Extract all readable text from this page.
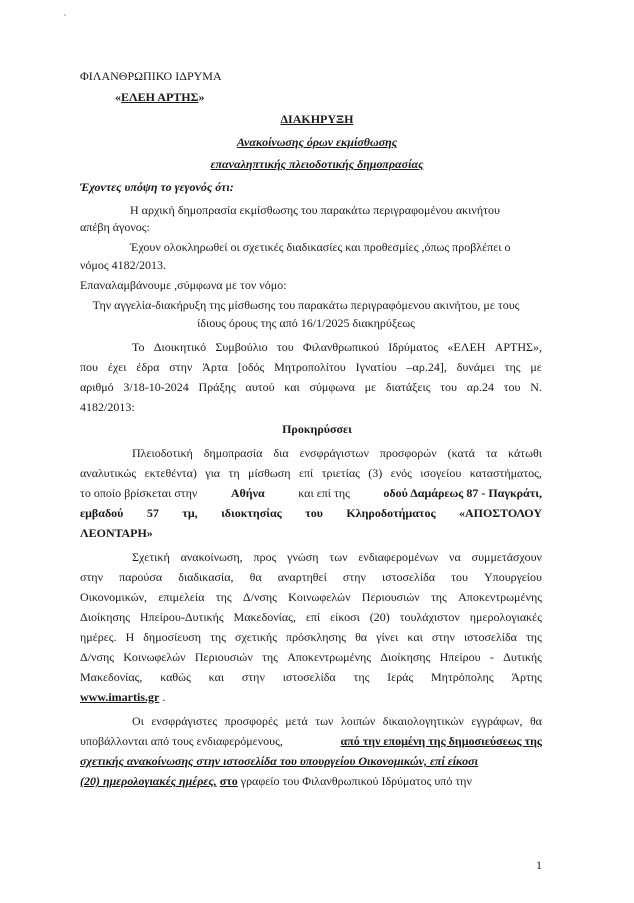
ΦΙΛΑΝΘΡΩΠΙΚΟ ΙΔΡΥΜΑ
«ΕΛΕΗ ΑΡΤΗΣ»
ΔΙΑΚΗΡΥΞΗ
Ανακοίνωσης όρων εκμίσθωσης
επαναληπτικής πλειοδοτικής δημοπρασίας
Έχοντες υπόψη το γεγονός ότι:
Η αρχική δημοπρασία εκμίσθωσης του παρακάτω περιγραφομένου ακινήτου
απέβη άγονος:
Έχουν ολοκληρωθεί οι σχετικές διαδικασίες και προθεσμίες ,όπως προβλέπει ο
νόμος 4182/2013.
Επαναλαμβάνουμε ,σύμφωνα με τον νόμο:
Την αγγελία-διακήρυξη της μίσθωσης του παρακάτω περιγραφόμενου ακινήτου, με τους
ίδιους όρους της από 16/1/2025 διακηρύξεως
Το Διοικητικό Συμβούλιο του Φιλανθρωπικού Ιδρύματος «ΕΛΕΗ ΑΡΤΗΣ»,
που έχει έδρα στην Άρτα [οδός Μητροπολίτου Ιγνατίου –αρ.24], δυνάμει της με
αριθμό 3/18-10-2024 Πράξης αυτού και σύμφωνα με διατάξεις του αρ.24 του Ν.
4182/2013:
Προκηρύσσει
Πλειοδοτική δημοπρασία δια ενσφράγιστων προσφορών (κατά τα κάτωθι
αναλυτικώς εκτεθέντα) για τη μίσθωση επί τριετίας (3) ενός ισογείου καταστήματος,
το οποίο βρίσκεται στην	Αθήνα	και επί της	οδού Δαμάρεως 87 - Παγκράτι,
εμβαδού 57 τμ, ιδιοκτησίας του Κληροδοτήματος «ΑΠΟΣΤΟΛΟΥ
ΛΕΟΝΤΑΡΗ»
Σχετική ανακοίνωση, προς γνώση των ενδιαφερομένων να συμμετάσχουν
στην παρούσα διαδικασία, θα αναρτηθεί στην ιστοσελίδα του Υπουργείου
Οικονομικών, επιμελεία της Δ/νσης Κοινωφελών Περιουσιών της Αποκεντρωμένης
Διοίκησης Ηπείρου-Δυτικής Μακεδονίας, επί είκοσι (20) τουλάχιστον ημερολογιακές
ημέρες. Η δημοσίευση της σχετικής πρόσκλησης θα γίνει και στην ιστοσελίδα της
Δ/νσης Κοινωφελών Περιουσιών της Αποκεντρωμένης Διοίκησης Ηπείρου - Δυτικής
Μακεδονίας, καθώς και στην ιστοσελίδα της Ιεράς Μητρόπολης Άρτης
www.imartis.gr .
Οι ενσφράγιστες προσφορές μετά των λοιπών δικαιολογητικών εγγράφων, θα
υποβάλλονται από τους ενδιαφερόμενους,	από την επομένη της δημοσιεύσεως της
σχετικής ανακοίνωσης στην ιστοσελίδα του υπουργείου Οικονομικών, επί είκοσι
(20) ημερολογιακές ημέρες, στο γραφείο του Φιλανθρωπικού Ιδρύματος υπό την
1
